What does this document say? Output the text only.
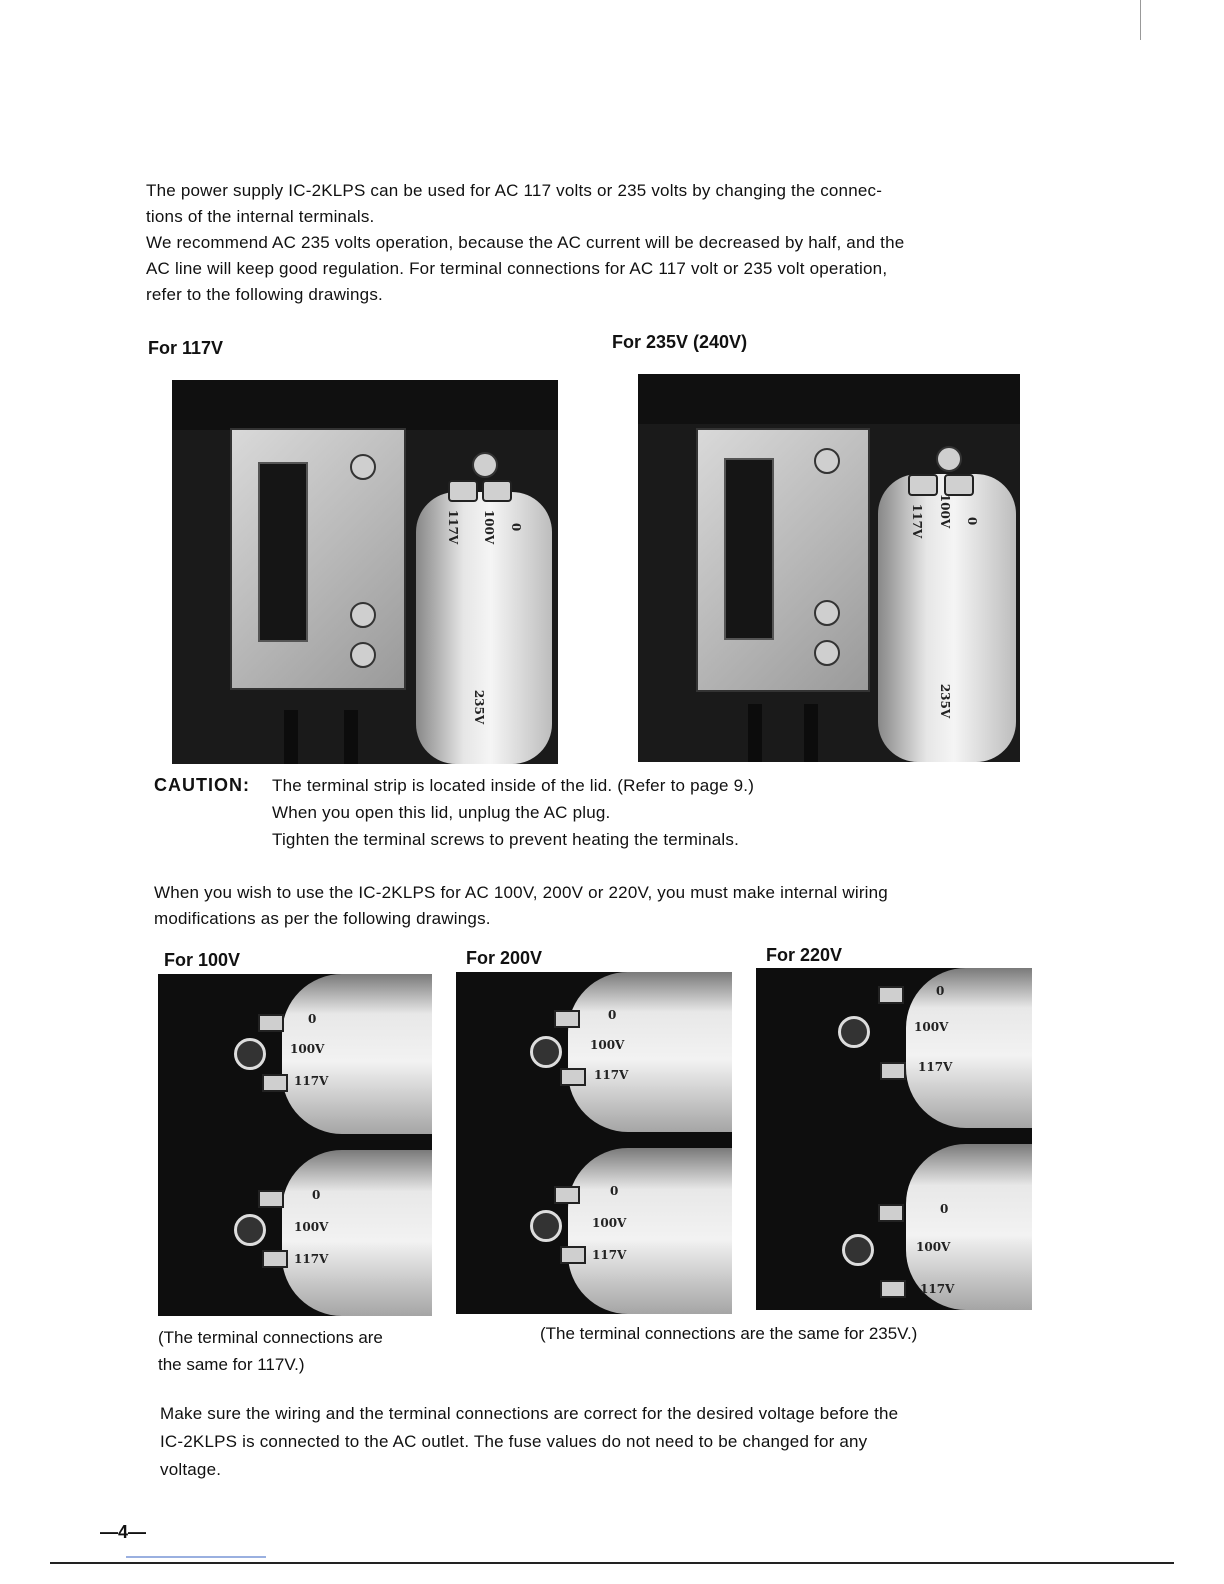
The power supply IC-2KLPS can be used for AC 117 volts or 235 volts by changing the connec-
tions of the internal terminals.
We recommend AC 235 volts operation, because the AC current will be decreased by half, and the
AC line will keep good regulation. For terminal connections for AC 117 volt or 235 volt operation,
refer to the following drawings.
For 117V	For 235V (240V)
117V 100V 0
235V
117V 100V 0
235V
CAUTION: The terminal strip is located inside of the lid. (Refer to page 9.)
When you open this lid, unplug the AC plug.
Tighten the terminal screws to prevent heating the terminals.
When you wish to use the IC-2KLPS for AC 100V, 200V or 220V, you must make internal wiring
modifications as per the following drawings.
For 100V	For 200V	For 220V
0
100V
117V
0
100V
117V
0
100V
117V
0
100V
117V
0
100V
117V
0
100V
117V
(The terminal connections are
the same for 117V.)
(The terminal connections are the same for 235V.)
Make sure the wiring and the terminal connections are correct for the desired voltage before the
IC-2KLPS is connected to the AC outlet. The fuse values do not need to be changed for any
voltage.
—4—
